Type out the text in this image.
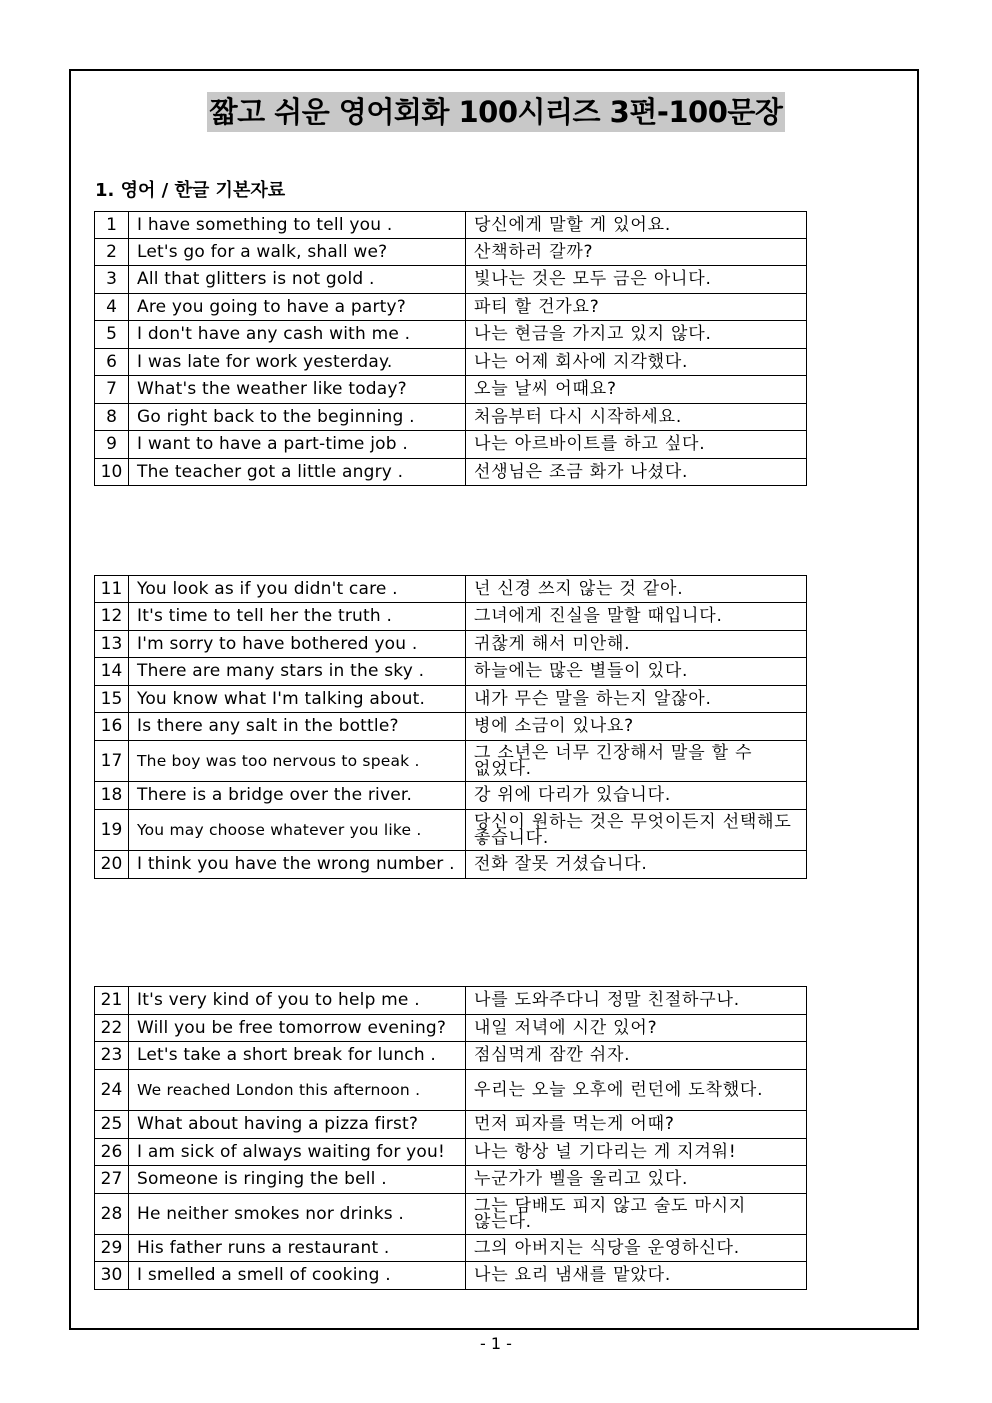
짧고 쉬운 영어회화 100시리즈 3편-100문장
1. 영어 / 한글 기본자료
1	I have something to tell you .	당신에게 말할 게 있어요.
2	Let's go for a walk, shall we?	산책하러 갈까?
3	All that glitters is not gold .	빛나는 것은 모두 금은 아니다.
4	Are you going to have a party?	파티 할 건가요?
5	I don't have any cash with me .	나는 현금을 가지고 있지 않다.
6	I was late for work yesterday.	나는 어제 회사에 지각했다.
7	What's the weather like today?	오늘 날씨 어때요?
8	Go right back to the beginning .	처음부터 다시 시작하세요.
9	I want to have a part-time job .	나는 아르바이트를 하고 싶다.
10	The teacher got a little angry .	선생님은 조금 화가 나셨다.
11	You look as if you didn't care .	넌 신경 쓰지 않는 것 같아.
12	It's time to tell her the truth .	그녀에게 진실을 말할 때입니다.
13	I'm sorry to have bothered you .	귀찮게 해서 미안해.
14	There are many stars in the sky .	하늘에는 많은 별들이 있다.
15	You know what I'm talking about.	내가 무슨 말을 하는지 알잖아.
16	Is there any salt in the bottle?	병에 소금이 있나요?
17	The boy was too nervous to speak .	그 소년은 너무 긴장해서 말을 할 수 없었다.
18	There is a bridge over the river.	강 위에 다리가 있습니다.
19	You may choose whatever you like .	당신이 원하는 것은 무엇이든지 선택해도 좋습니다.
20	I think you have the wrong number .	전화 잘못 거셨습니다.
21	It's very kind of you to help me .	나를 도와주다니 정말 친절하구나.
22	Will you be free tomorrow evening?	내일 저녁에 시간 있어?
23	Let's take a short break for lunch .	점심먹게 잠깐 쉬자.
24	We reached London this afternoon .	우리는 오늘 오후에 런던에 도착했다.
25	What about having a pizza first?	먼저 피자를 먹는게 어때?
26	I am sick of always waiting for you!	나는 항상 널 기다리는 게 지겨워!
27	Someone is ringing the bell .	누군가가 벨을 울리고 있다.
28	He neither smokes nor drinks .	그는 담배도 피지 않고 술도 마시지 않는다.
29	His father runs a restaurant .	그의 아버지는 식당을 운영하신다.
30	I smelled a smell of cooking .	나는 요리 냄새를 맡았다.
- 1 -
